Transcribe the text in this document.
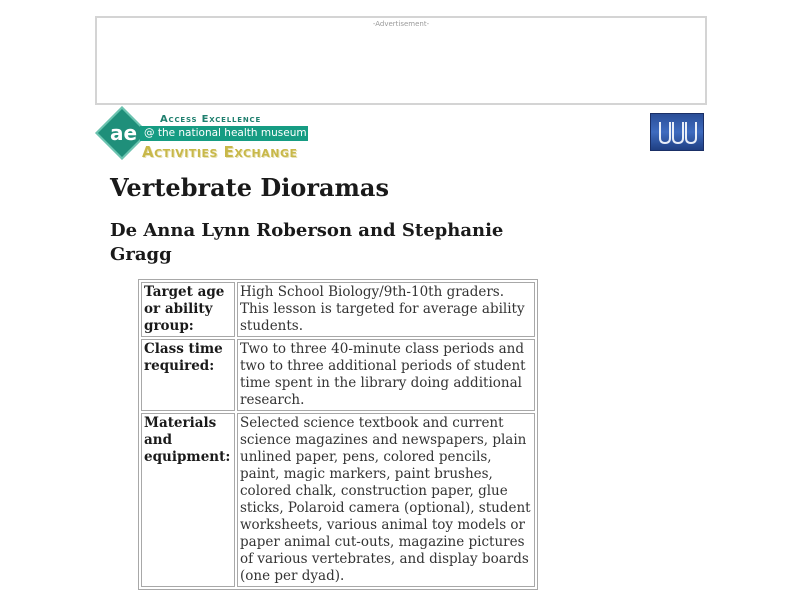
-Advertisement-
ae
Access Excellence
@ the national health museum
Activities Exchange
Vertebrate Dioramas
De Anna Lynn Roberson and Stephanie Gragg
Target age or ability group:	High School Biology/9th-10th graders. This lesson is targeted for average ability students.
Class time required:	Two to three 40-minute class periods and two to three additional periods of student time spent in the library doing additional research.
Materials and equipment:	Selected science textbook and current science magazines and newspapers, plain unlined paper, pens, colored pencils, paint, magic markers, paint brushes, colored chalk, construction paper, glue sticks, Polaroid camera (optional), student worksheets, various animal toy models or paper animal cut-outs, magazine pictures of various vertebrates, and display boards (one per dyad).
